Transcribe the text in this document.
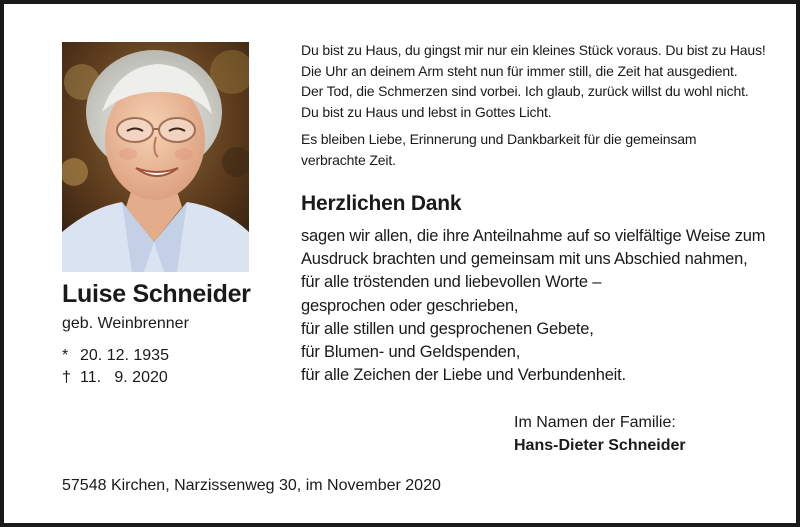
Luise Schneider
geb. Weinbrenner
* 20. 12. 1935
† 11.   9. 2020

Du bist zu Haus, du gingst mir nur ein kleines Stück voraus. Du bist zu Haus!

Die Uhr an deinem Arm steht nun für immer still, die Zeit hat ausgedient.

Der Tod, die Schmerzen sind vorbei. Ich glaub, zurück willst du wohl nicht.

Du bist zu Haus und lebst in Gottes Licht.

Es bleiben Liebe, Erinnerung und Dankbarkeit für die gemeinsam

verbrachte Zeit.

Herzlichen Dank
sagen wir allen, die ihre Anteilnahme auf so vielfältige Weise zum
Ausdruck brachten und gemeinsam mit uns Abschied nahmen,
für alle tröstenden und liebevollen Worte –
gesprochen oder geschrieben,
für alle stillen und gesprochenen Gebete,
für Blumen- und Geldspenden,
für alle Zeichen der Liebe und Verbundenheit.
Im Namen der Familie:
Hans-Dieter Schneider
57548 Kirchen, Narzissenweg 30, im November 2020
